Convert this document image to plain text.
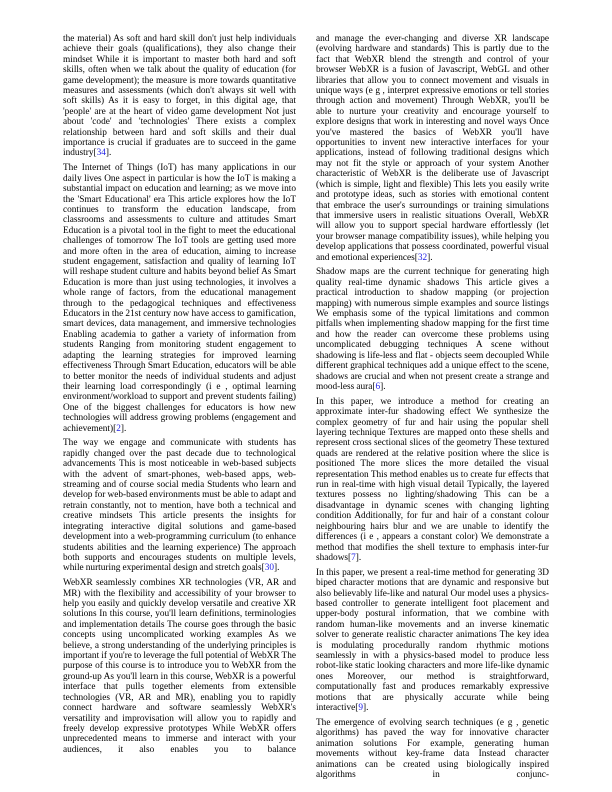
the material) As soft and hard skill don't just help individuals achieve their goals (qualifications), they also change their mindset While it is important to master both hard and soft skills, often when we talk about the quality of education (for game development); the measure is more towards quantitative measures and assessments (which don't always sit well with soft skills) As it is easy to forget, in this digital age, that 'people' are at the heart of video game development Not just about 'code' and 'technologies' There exists a complex relationship between hard and soft skills and their dual importance is crucial if graduates are to succeed in the game industry[34].

The Internet of Things (IoT) has many applications in our daily lives One aspect in particular is how the IoT is making a substantial impact on education and learning; as we move into the 'Smart Educational' era This article explores how the IoT continues to transform the education landscape, from classrooms and assessments to culture and attitudes Smart Education is a pivotal tool in the fight to meet the educational challenges of tomorrow The IoT tools are getting used more and more often in the area of education, aiming to increase student engagement, satisfaction and quality of learning IoT will reshape student culture and habits beyond belief As Smart Education is more than just using technologies, it involves a whole range of factors, from the educational management through to the pedagogical techniques and effectiveness Educators in the 21st century now have access to gamification, smart devices, data management, and immersive technologies Enabling academia to gather a variety of information from students Ranging from monitoring student engagement to adapting the learning strategies for improved learning effectiveness Through Smart Education, educators will be able to better monitor the needs of individual students and adjust their learning load correspondingly (i e , optimal learning environment/workload to support and prevent students failing) One of the biggest challenges for educators is how new technologies will address growing problems (engagement and achievement)[2].

The way we engage and communicate with students has rapidly changed over the past decade due to technological advancements This is most noticeable in web-based subjects with the advent of smart-phones, web-based apps, web-streaming and of course social media Students who learn and develop for web-based environments must be able to adapt and retrain constantly, not to mention, have both a technical and creative mindsets This article presents the insights for integrating interactive digital solutions and game-based development into a web-programming curriculum (to enhance students abilities and the learning experience) The approach both supports and encourages students on multiple levels, while nurturing experimental design and stretch goals[30].

WebXR seamlessly combines XR technologies (VR, AR and MR) with the flexibility and accessibility of your browser to help you easily and quickly develop versatile and creative XR solutions In this course, you'll learn definitions, terminologies and implementation details The course goes through the basic concepts using uncomplicated working examples As we believe, a strong understanding of the underlying principles is important if you're to leverage the full potential of WebXR The purpose of this course is to introduce you to WebXR from the ground-up As you'll learn in this course, WebXR is a powerful interface that pulls together elements from extensible technologies (VR, AR and MR), enabling you to rapidly connect hardware and software seamlessly WebXR's versatility and improvisation will allow you to rapidly and freely develop expressive prototypes While WebXR offers unprecedented means to immerse and interact with your audiences, it also enables you to balance

and manage the ever-changing and diverse XR landscape (evolving hardware and standards) This is partly due to the fact that WebXR blend the strength and control of your browser WebXR is a fusion of Javascript, WebGL and other libraries that allow you to connect movement and visuals in unique ways (e g , interpret expressive emotions or tell stories through action and movement) Through WebXR, you'll be able to nurture your creativity and encourage yourself to explore designs that work in interesting and novel ways Once you've mastered the basics of WebXR you'll have opportunities to invent new interactive interfaces for your applications, instead of following traditional designs which may not fit the style or approach of your system Another characteristic of WebXR is the deliberate use of Javascript (which is simple, light and flexible) This lets you easily write and prototype ideas, such as stories with emotional content that embrace the user's surroundings or training simulations that immersive users in realistic situations Overall, WebXR will allow you to support special hardware effortlessly (let your browser manage compatibility issues), while helping you develop applications that possess coordinated, powerful visual and emotional experiences[32].

Shadow maps are the current technique for generating high quality real-time dynamic shadows This article gives a practical introduction to shadow mapping (or projection mapping) with numerous simple examples and source listings We emphasis some of the typical limitations and common pitfalls when implementing shadow mapping for the first time and how the reader can overcome these problems using uncomplicated debugging techniques A scene without shadowing is life-less and flat - objects seem decoupled While different graphical techniques add a unique effect to the scene, shadows are crucial and when not present create a strange and mood-less aura[6].

In this paper, we introduce a method for creating an approximate inter-fur shadowing effect We synthesize the complex geometry of fur and hair using the popular shell layering technique Textures are mapped onto these shells and represent cross sectional slices of the geometry These textured quads are rendered at the relative position where the slice is positioned The more slices the more detailed the visual representation This method enables us to create fur effects that run in real-time with high visual detail Typically, the layered textures possess no lighting/shadowing This can be a disadvantage in dynamic scenes with changing lighting condition Additionally, for fur and hair of a constant colour neighbouring hairs blur and we are unable to identify the differences (i e , appears a constant color) We demonstrate a method that modifies the shell texture to emphasis inter-fur shadows[7].

In this paper, we present a real-time method for generating 3D biped character motions that are dynamic and responsive but also believably life-like and natural Our model uses a physics-based controller to generate intelligent foot placement and upper-body postural information, that we combine with random human-like movements and an inverse kinematic solver to generate realistic character animations The key idea is modulating procedurally random rhythmic motions seamlessly in with a physics-based model to produce less robot-like static looking characters and more life-like dynamic ones Moreover, our method is straightforward, computationally fast and produces remarkably expressive motions that are physically accurate while being interactive[9].

The emergence of evolving search techniques (e g , genetic algorithms) has paved the way for innovative character animation solutions For example, generating human movements without key-frame data Instead character animations can be created using biologically inspired algorithms in conjunc-
